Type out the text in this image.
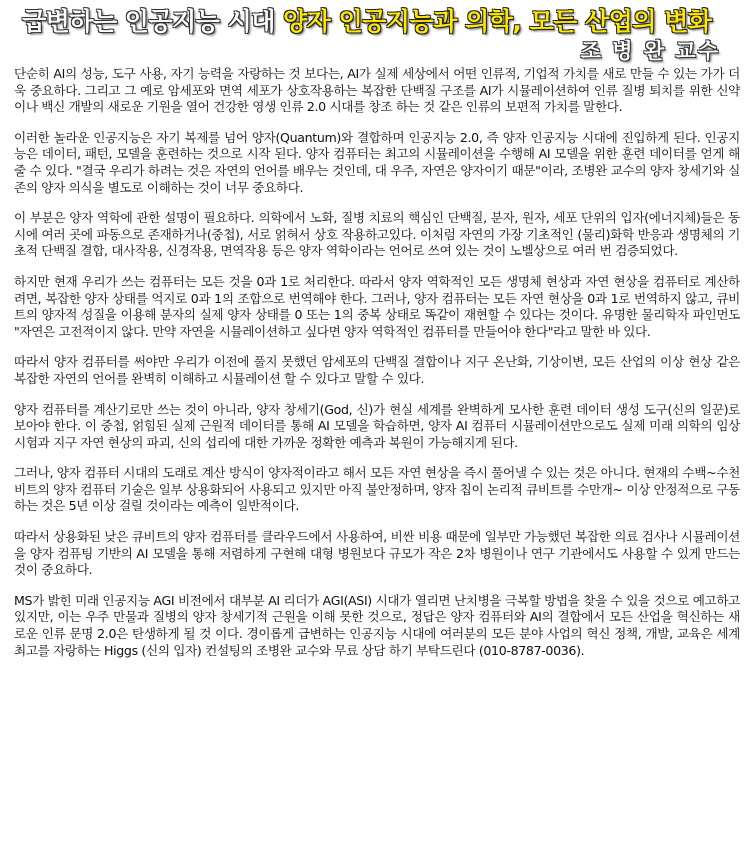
급변하는 인공지능 시대 양자 인공지능과 의학, 모든 산업의 변화
조 병 완 교수

단순히 AI의 성능, 도구 사용, 자기 능력을 자랑하는 것 보다는, AI가 실제 세상에서 어떤 인류적, 기업적 가치를 새로 만들 수 있는 가가 더욱 중요하다. 그리고 그 예로 암세포와 면역 세포가 상호작용하는 복잡한 단백질 구조를 AI가 시뮬레이션하여 인류 질병 퇴치를 위한 신약 이나 백신 개발의 새로운 기원을 열어 건강한 영생 인류 2.0 시대를 창조 하는 것 같은 인류의 보편적 가치를 말한다.

이러한 놀라운 인공지능은 자기 복제를 넘어 양자(Quantum)와 결합하며 인공지능 2.0, 즉 양자 인공지능 시대에 진입하게 된다. 인공지능은 데이터, 패턴, 모델을 훈련하는 것으로 시작 된다. 양자 컴퓨터는 최고의 시뮬레이션을 수행해 AI 모델을 위한 훈련 데이터를 얻게 해줄 수 있다. "결국 우리가 하려는 것은 자연의 언어를 배우는 것인데, 대 우주, 자연은 양자이기 때문"이라, 조병완 교수의 양자 창세기와 실존의 양자 의식을 별도로 이해하는 것이 너무 중요하다.

이 부분은 양자 역학에 관한 설명이 필요하다. 의학에서 노화, 질병 치료의 핵심인 단백질, 분자, 원자, 세포 단위의 입자(에너지체)들은 동시에 여러 곳에 파동으로 존재하거나(중첩), 서로 얽혀서 상호 작용하고있다. 이처럼 자연의 가장 기초적인 (물리)화학 반응과 생명체의 기초적 단백질 결합, 대사작용, 신경작용, 면역작용 등은 양자 역학이라는 언어로 쓰여 있는 것이 노벨상으로 여러 번 검증되었다.

하지만 현재 우리가 쓰는 컴퓨터는 모든 것을 0과 1로 처리한다. 따라서 양자 역학적인 모든 생명체 현상과 자연 현상을 컴퓨터로 계산하려면, 복잡한 양자 상태를 억지로 0과 1의 조합으로 번역해야 한다. 그러나, 양자 컴퓨터는 모든 자연 현상을 0과 1로 번역하지 않고, 큐비트의 양자적 성질을 이용해 분자의 실제 양자 상태를 0 또는 1의 중복 상태로 똑같이 재현할 수 있다는 것이다. 유명한 물리학자 파인먼도 "자연은 고전적이지 않다. 만약 자연을 시뮬레이션하고 싶다면 양자 역학적인 컴퓨터를 만들어야 한다"라고 말한 바 있다.

따라서 양자 컴퓨터를 써야만 우리가 이전에 풀지 못했던 암세포의 단백질 결합이나 지구 온난화, 기상이변, 모든 산업의 이상 현상 같은 복잡한 자연의 언어를 완벽히 이해하고 시뮬레이션 할 수 있다고 말할 수 있다.

양자 컴퓨터를 계산기로만 쓰는 것이 아니라, 양자 창세기(God, 신)가 현실 세계를 완벽하게 모사한 훈련 데이터 생성 도구(신의 일꾼)로 보아야 한다. 이 중첩, 얽힘된 실제 근원적 데이터를 통해 AI 모델을 학습하면, 양자 AI 컴퓨터 시뮬레이션만으로도 실제 미래 의학의 임상 시험과 지구 자연 현상의 파괴, 신의 섭리에 대한 가까운 정확한 예측과 복원이 가능해지게 된다.

그러나, 양자 컴퓨터 시대의 도래로 계산 방식이 양자적이라고 해서 모든 자연 현상을 즉시 풀어낼 수 있는 것은 아니다. 현재의 수백~수천 비트의 양자 컴퓨터 기술은 일부 상용화되어 사용되고 있지만 아직 불안정하며, 양자 칩이 논리적 큐비트를 수만개~ 이상 안정적으로 구동하는 것은 5년 이상 걸릴 것이라는 예측이 일반적이다.

따라서 상용화된 낮은 큐비트의 양자 컴퓨터를 클라우드에서 사용하여, 비싼 비용 때문에 일부만 가능했던 복잡한 의료 검사나 시뮬레이션을 양자 컴퓨팅 기반의 AI 모델을 통해 저렴하게 구현해 대형 병원보다 규모가 작은 2차 병원이나 연구 기관에서도 사용할 수 있게 만드는 것이 중요하다.

MS가 밝힌 미래 인공지능 AGI 비전에서 대부분 AI 리더가 AGI(ASI) 시대가 열리면 난치병을 극복할 방법을 찾을 수 있을 것으로 예고하고 있지만, 이는 우주 만물과 질병의 양자 창세기적 근원을 이해 못한 것으로, 정답은 양자 컴퓨터와 AI의 결합에서 모든 산업을 혁신하는 새로운 인류 문명 2.0은 탄생하게 될 것 이다. 경이롭게 급변하는 인공지능 시대에 여러분의 모든 분야 사업의 혁신 정책, 개발, 교육은 세계 최고를 자랑하는 Higgs (신의 입자) 컨설팅의 조병완 교수와 무료 상담 하기 부탁드린다 (010-8787-0036).
